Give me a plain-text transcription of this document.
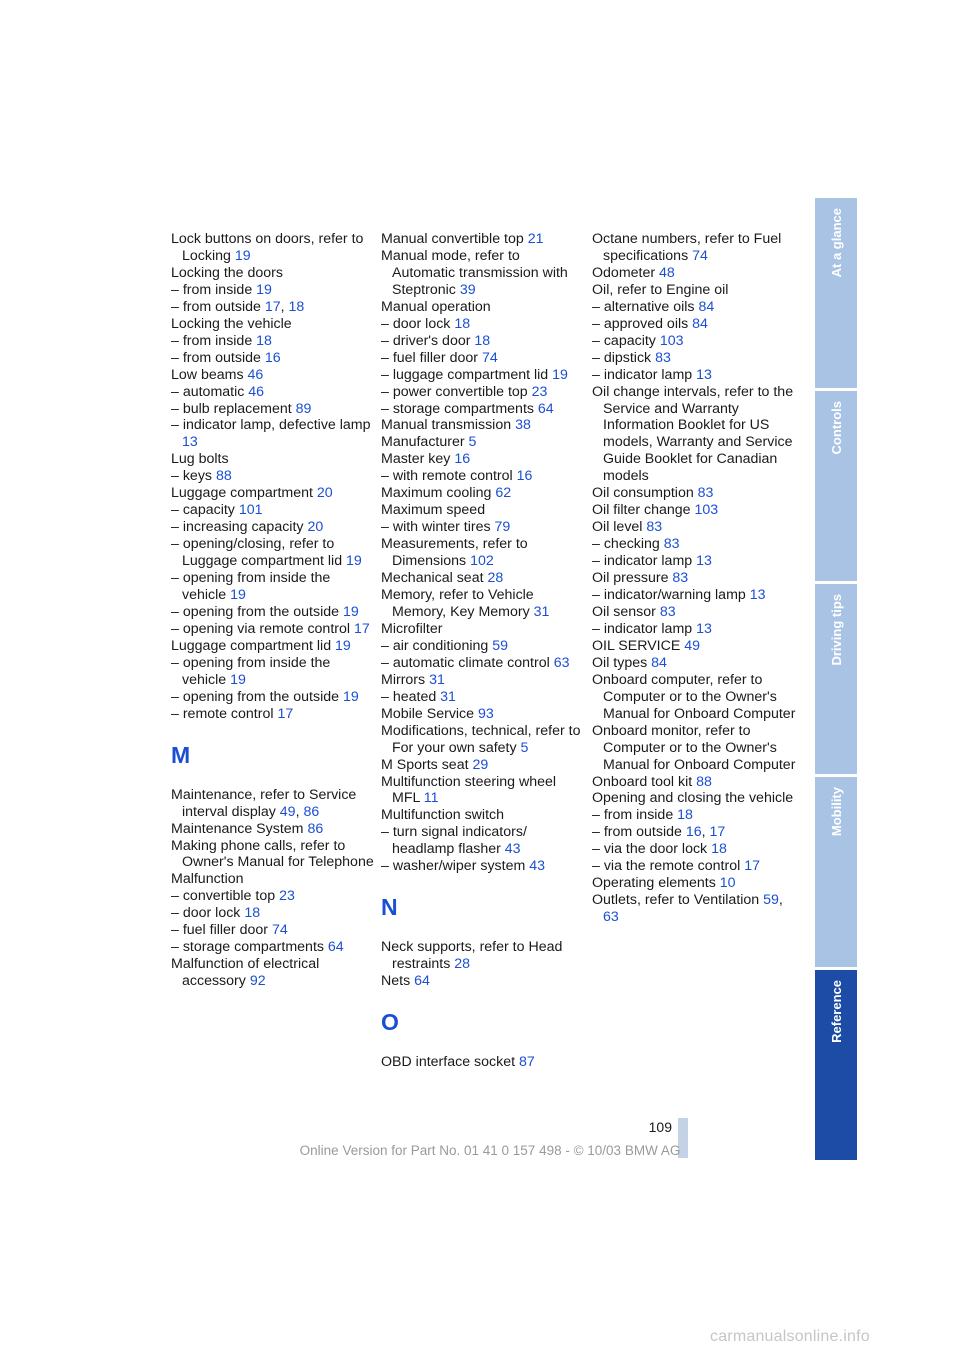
Lock buttons on doors, refer to Locking 19

Locking the doors

– from inside 19

– from outside 17, 18

Locking the vehicle

– from inside 18

– from outside 16

Low beams 46

– automatic 46

– bulb replacement 89

– indicator lamp, defective lamp 13

Lug bolts

– keys 88

Luggage compartment 20

– capacity 101

– increasing capacity 20

– opening/closing, refer to Luggage compartment lid 19

– opening from inside the vehicle 19

– opening from the outside 19

– opening via remote control 17

Luggage compartment lid 19

– opening from inside the vehicle 19

– opening from the outside 19

– remote control 17

M

Maintenance, refer to Service interval display 49, 86

Maintenance System 86

Making phone calls, refer to Owner's Manual for Telephone

Malfunction

– convertible top 23

– door lock 18

– fuel filler door 74

– storage compartments 64

Malfunction of electrical accessory 92

Manual convertible top 21

Manual mode, refer to Automatic transmission with Steptronic 39

Manual operation

– door lock 18

– driver's door 18

– fuel filler door 74

– luggage compartment lid 19

– power convertible top 23

– storage compartments 64

Manual transmission 38

Manufacturer 5

Master key 16

– with remote control 16

Maximum cooling 62

Maximum speed

– with winter tires 79

Measurements, refer to Dimensions 102

Mechanical seat 28

Memory, refer to Vehicle Memory, Key Memory 31

Microfilter

– air conditioning 59

– automatic climate control 63

Mirrors 31

– heated 31

Mobile Service 93

Modifications, technical, refer to For your own safety 5

M Sports seat 29

Multifunction steering wheel MFL 11

Multifunction switch

– turn signal indicators/ headlamp flasher 43

– washer/wiper system 43

N

Neck supports, refer to Head restraints 28

Nets 64

O

OBD interface socket 87

Octane numbers, refer to Fuel specifications 74

Odometer 48

Oil, refer to Engine oil

– alternative oils 84

– approved oils 84

– capacity 103

– dipstick 83

– indicator lamp 13

Oil change intervals, refer to the Service and Warranty Information Booklet for US models, Warranty and Service Guide Booklet for Canadian models

Oil consumption 83

Oil filter change 103

Oil level 83

– checking 83

– indicator lamp 13

Oil pressure 83

– indicator/warning lamp 13

Oil sensor 83

– indicator lamp 13

OIL SERVICE 49

Oil types 84

Onboard computer, refer to Computer or to the Owner's Manual for Onboard Computer

Onboard monitor, refer to Computer or to the Owner's Manual for Onboard Computer

Onboard tool kit 88

Opening and closing the vehicle

– from inside 18

– from outside 16, 17

– via the door lock 18

– via the remote control 17

Operating elements 10

Outlets, refer to Ventilation 59, 63

At a glance
Controls
Driving tips
Mobility
Reference
109
Online Version for Part No. 01 41 0 157 498 - © 10/03 BMW AG
carmanualsonline.info
